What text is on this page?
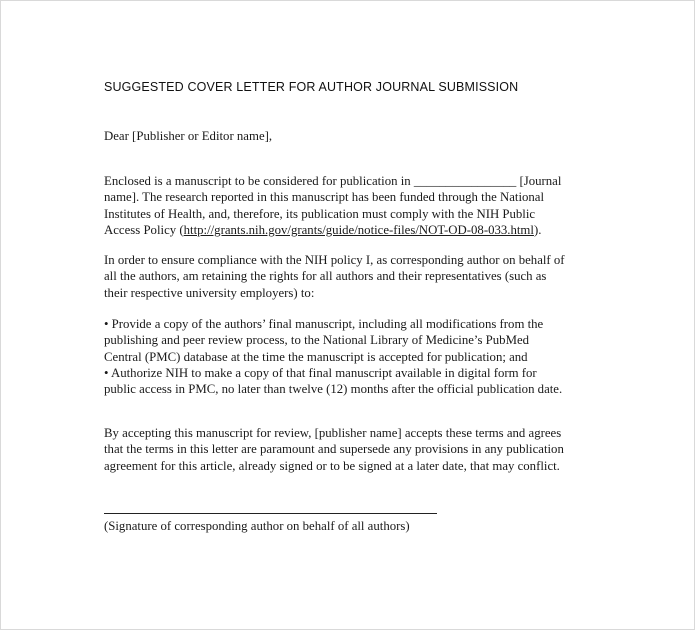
SUGGESTED COVER LETTER FOR AUTHOR JOURNAL SUBMISSION

Dear [Publisher or Editor name],

Enclosed is a manuscript to be considered for publication in ________________ [Journal
name]. The research reported in this manuscript has been funded through the National
Institutes of Health, and, therefore, its publication must comply with the NIH Public
Access Policy (http://grants.nih.gov/grants/guide/notice-files/NOT-OD-08-033.html).

In order to ensure compliance with the NIH policy I, as corresponding author on behalf of
all the authors, am retaining the rights for all authors and their representatives (such as
their respective university employers) to:

• Provide a copy of the authors’ final manuscript, including all modifications from the
publishing and peer review process, to the National Library of Medicine’s PubMed
Central (PMC) database at the time the manuscript is accepted for publication; and
• Authorize NIH to make a copy of that final manuscript available in digital form for
public access in PMC, no later than twelve (12) months after the official publication date.

By accepting this manuscript for review, [publisher name] accepts these terms and agrees
that the terms in this letter are paramount and supersede any provisions in any publication
agreement for this article, already signed or to be signed at a later date, that may conflict.

(Signature of corresponding author on behalf of all authors)
